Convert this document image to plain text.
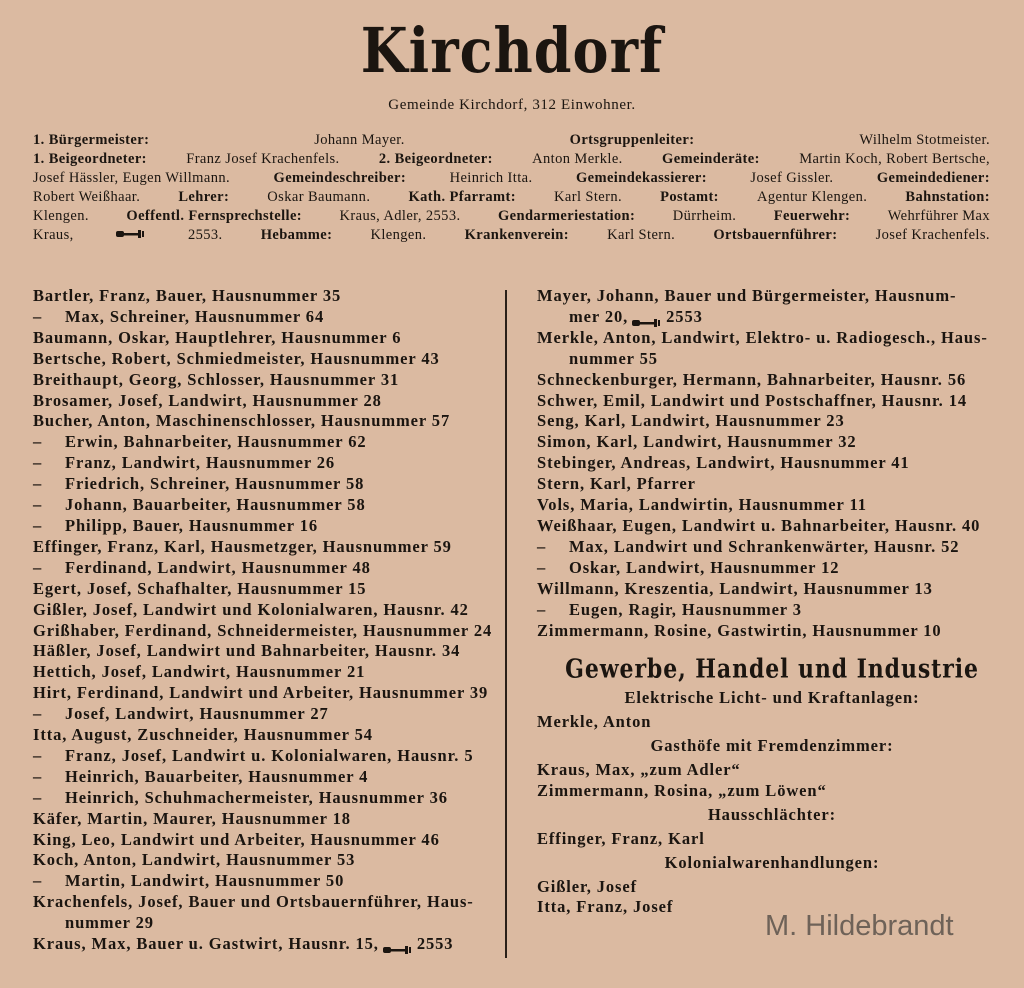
Kirchdorf
Gemeinde Kirchdorf, 312 Einwohner.
1. Bürgermeister:	Johann Mayer.	Ortsgruppenleiter:	Wilhelm Stotmeister.
1. Beigeordneter:	Franz Josef Krachenfels.	2. Beigeordneter:	Anton Merkle.	Gemeinderäte:	Martin Koch, Robert Bertsche,
Josef Hässler, Eugen Willmann.	Gemeindeschreiber:	Heinrich Itta.	Gemeindekassierer:	Josef Gissler.	Gemeindediener:
Robert Weißhaar.	Lehrer:	Oskar Baumann.	Kath. Pfarramt:	Karl Stern.	Postamt:	Agentur Klengen.	Bahnstation:
Klengen.	Oeffentl. Fernsprechstelle:	Kraus, Adler, 2553.	Gendarmeriestation:	Dürrheim.	Feuerwehr:	Wehrführer Max
Kraus,	2553.	Hebamme:	Klengen.	Krankenverein:	Karl Stern.	Ortsbauernführer:	Josef Krachenfels.
Bartler, Franz, Bauer, Hausnummer 35
– Max, Schreiner, Hausnummer 64
Baumann, Oskar, Hauptlehrer, Hausnummer 6
Bertsche, Robert, Schmiedmeister, Hausnummer 43
Breithaupt, Georg, Schlosser, Hausnummer 31
Brosamer, Josef, Landwirt, Hausnummer 28
Bucher, Anton, Maschinenschlosser, Hausnummer 57
– Erwin, Bahnarbeiter, Hausnummer 62
– Franz, Landwirt, Hausnummer 26
– Friedrich, Schreiner, Hausnummer 58
– Johann, Bauarbeiter, Hausnummer 58
– Philipp, Bauer, Hausnummer 16
Effinger, Franz, Karl, Hausmetzger, Hausnummer 59
– Ferdinand, Landwirt, Hausnummer 48
Egert, Josef, Schafhalter, Hausnummer 15
Gißler, Josef, Landwirt und Kolonialwaren, Hausnr. 42
Grißhaber, Ferdinand, Schneidermeister, Hausnummer 24
Häßler, Josef, Landwirt und Bahnarbeiter, Hausnr. 34
Hettich, Josef, Landwirt, Hausnummer 21
Hirt, Ferdinand, Landwirt und Arbeiter, Hausnummer 39
– Josef, Landwirt, Hausnummer 27
Itta, August, Zuschneider, Hausnummer 54
– Franz, Josef, Landwirt u. Kolonialwaren, Hausnr. 5
– Heinrich, Bauarbeiter, Hausnummer 4
– Heinrich, Schuhmachermeister, Hausnummer 36
Käfer, Martin, Maurer, Hausnummer 18
King, Leo, Landwirt und Arbeiter, Hausnummer 46
Koch, Anton, Landwirt, Hausnummer 53
– Martin, Landwirt, Hausnummer 50
Krachenfels, Josef, Bauer und Ortsbauernführer, Haus-
nummer 29
Kraus, Max, Bauer u. Gastwirt, Hausnr. 15, 2553
Mayer, Johann, Bauer und Bürgermeister, Hausnum-
mer 20, 2553
Merkle, Anton, Landwirt, Elektro- u. Radiogesch., Haus-
nummer 55
Schneckenburger, Hermann, Bahnarbeiter, Hausnr. 56
Schwer, Emil, Landwirt und Postschaffner, Hausnr. 14
Seng, Karl, Landwirt, Hausnummer 23
Simon, Karl, Landwirt, Hausnummer 32
Stebinger, Andreas, Landwirt, Hausnummer 41
Stern, Karl, Pfarrer
Vols, Maria, Landwirtin, Hausnummer 11
Weißhaar, Eugen, Landwirt u. Bahnarbeiter, Hausnr. 40
– Max, Landwirt und Schrankenwärter, Hausnr. 52
– Oskar, Landwirt, Hausnummer 12
Willmann, Kreszentia, Landwirt, Hausnummer 13
– Eugen, Ragir, Hausnummer 3
Zimmermann, Rosine, Gastwirtin, Hausnummer 10
Gewerbe, Handel und Industrie
Elektrische Licht- und Kraftanlagen:
Merkle, Anton
Gasthöfe mit Fremdenzimmer:
Kraus, Max, „zum Adler“
Zimmermann, Rosina, „zum Löwen“
Hausschlächter:
Effinger, Franz, Karl
Kolonialwarenhandlungen:
Gißler, Josef
Itta, Franz, Josef
M. Hildebrandt
